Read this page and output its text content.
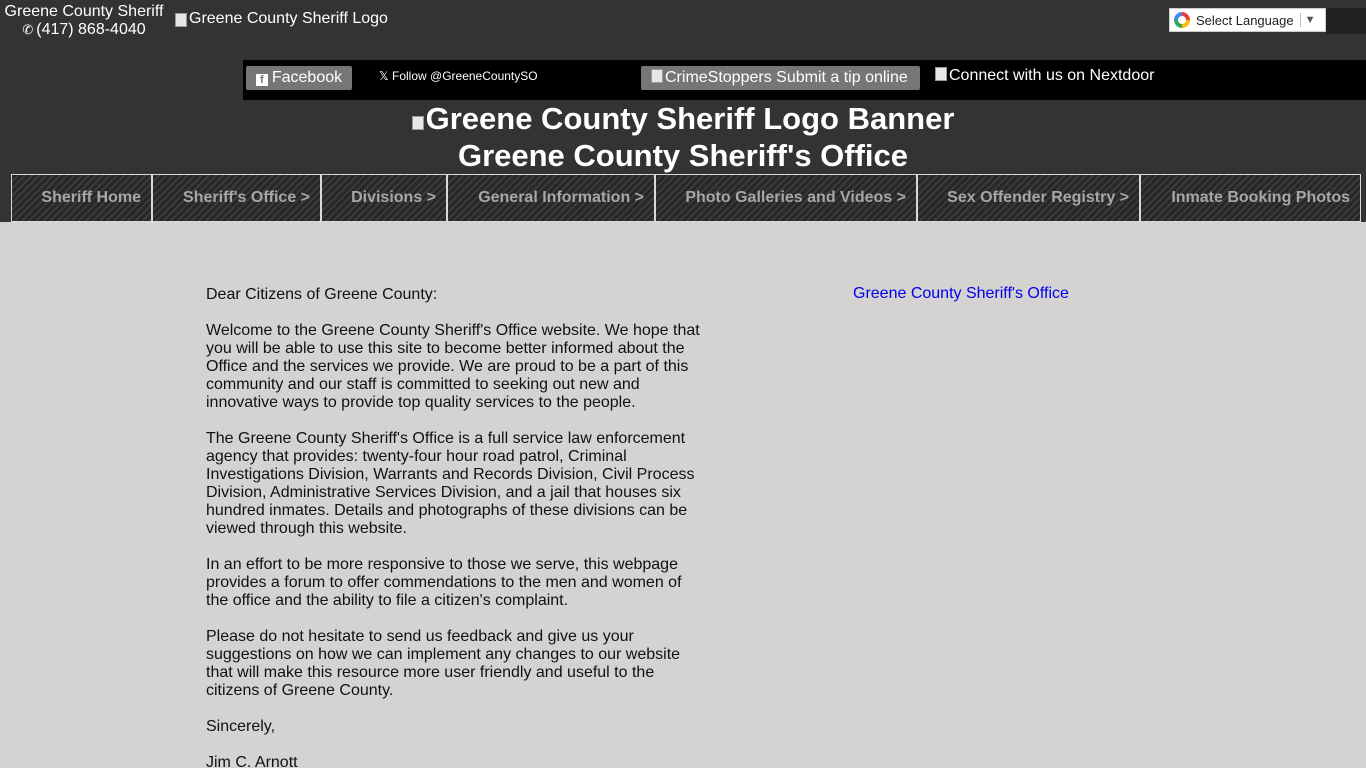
Greene County Sheriff
✆ (417) 868-4040
Greene County Sheriff Logo	Select Language ▼
f Facebook	𝕏 Follow @GreeneCountySO	CrimeStoppers Submit a tip online	Connect with us on Nextdoor
Greene County Sheriff Logo Banner
Greene County Sheriff's Office
Sheriff Home	Sheriff's Office >	Divisions >	General Information >	Photo Galleries and Videos >	Sex Offender Registry >	Inmate Booking Photos

Dear Citizens of Greene County:

Welcome to the Greene County Sheriff's Office website. We hope that you will be able to use this site to become better informed about the Office and the services we provide. We are proud to be a part of this community and our staff is committed to seeking out new and innovative ways to provide top quality services to the people.

The Greene County Sheriff's Office is a full service law enforcement agency that provides: twenty-four hour road patrol, Criminal Investigations Division, Warrants and Records Division, Civil Process Division, Administrative Services Division, and a jail that houses six hundred inmates. Details and photographs of these divisions can be viewed through this website.

In an effort to be more responsive to those we serve, this webpage provides a forum to offer commendations to the men and women of the office and the ability to file a citizen's complaint.

Please do not hesitate to send us feedback and give us your suggestions on how we can implement any changes to our website that will make this resource more user friendly and useful to the citizens of Greene County.

Sincerely,

Jim C. Arnott

Greene County Sheriff's Office
